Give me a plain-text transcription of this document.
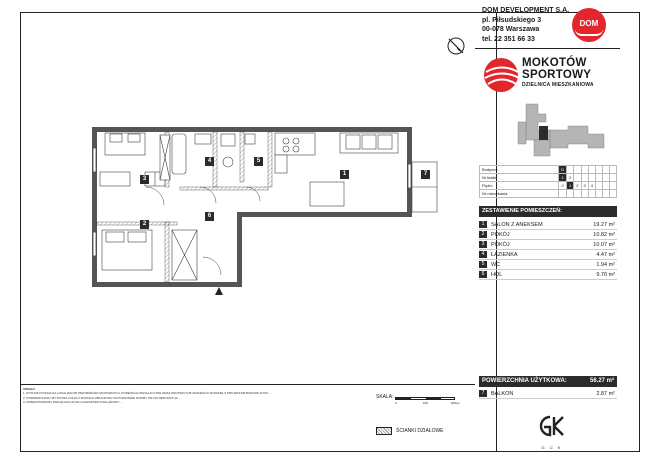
DOM DEVELOPMENT S.A.
pl. Piłsudskiego 3
00-078 Warszawa
tel. 22 351 66 33
DOM
MOKOTÓW
SPORTOWY
DZIELNICA MIESZKANIOWA
Budynek	D							
Nr klatki	1	2						
Piętro	0	1	2	3	4			
Nr mieszkania								
ZESTAWIENIE POMIESZCZEŃ:
1	SALON Z ANEKSEM	19.27 m²
2	POKÓJ	10.82 m²
3	POKÓJ	10.07 m²
4	ŁAZIENKA	4.47 m²
5	WC	1.94 m²
6	HOL	9.70 m²
POWIERZCHNIA UŻYTKOWA:	56.27 m²
7	BALKON	2.87 m²
G C K
UWAGA:
1. RYSUNKI POKAZUJĄ LOKALIZACJĘ PRZYBORÓW SANITARNYCH, PODEJŚCIA INSTALACYJNE ORAZ PROPOZYCJĘ ARANŻACJI ZGODNIE Z PROJEKTEM BUDOWLANYM. ...
2. POWIERZCHNIA UŻYTKOWA LOKALU ZOSTAŁA OBLICZONA NA PODSTAWIE NORMY PN-ISO 9836:2015-12. ...
3. PRZEDSTAWIONA WIZUALIZACJA MA CHARAKTER POGLĄDOWY. ...
SKALA:
0	100	200cm
ŚCIANKI DZIAŁOWE
1
2
3
4	5
6
7
